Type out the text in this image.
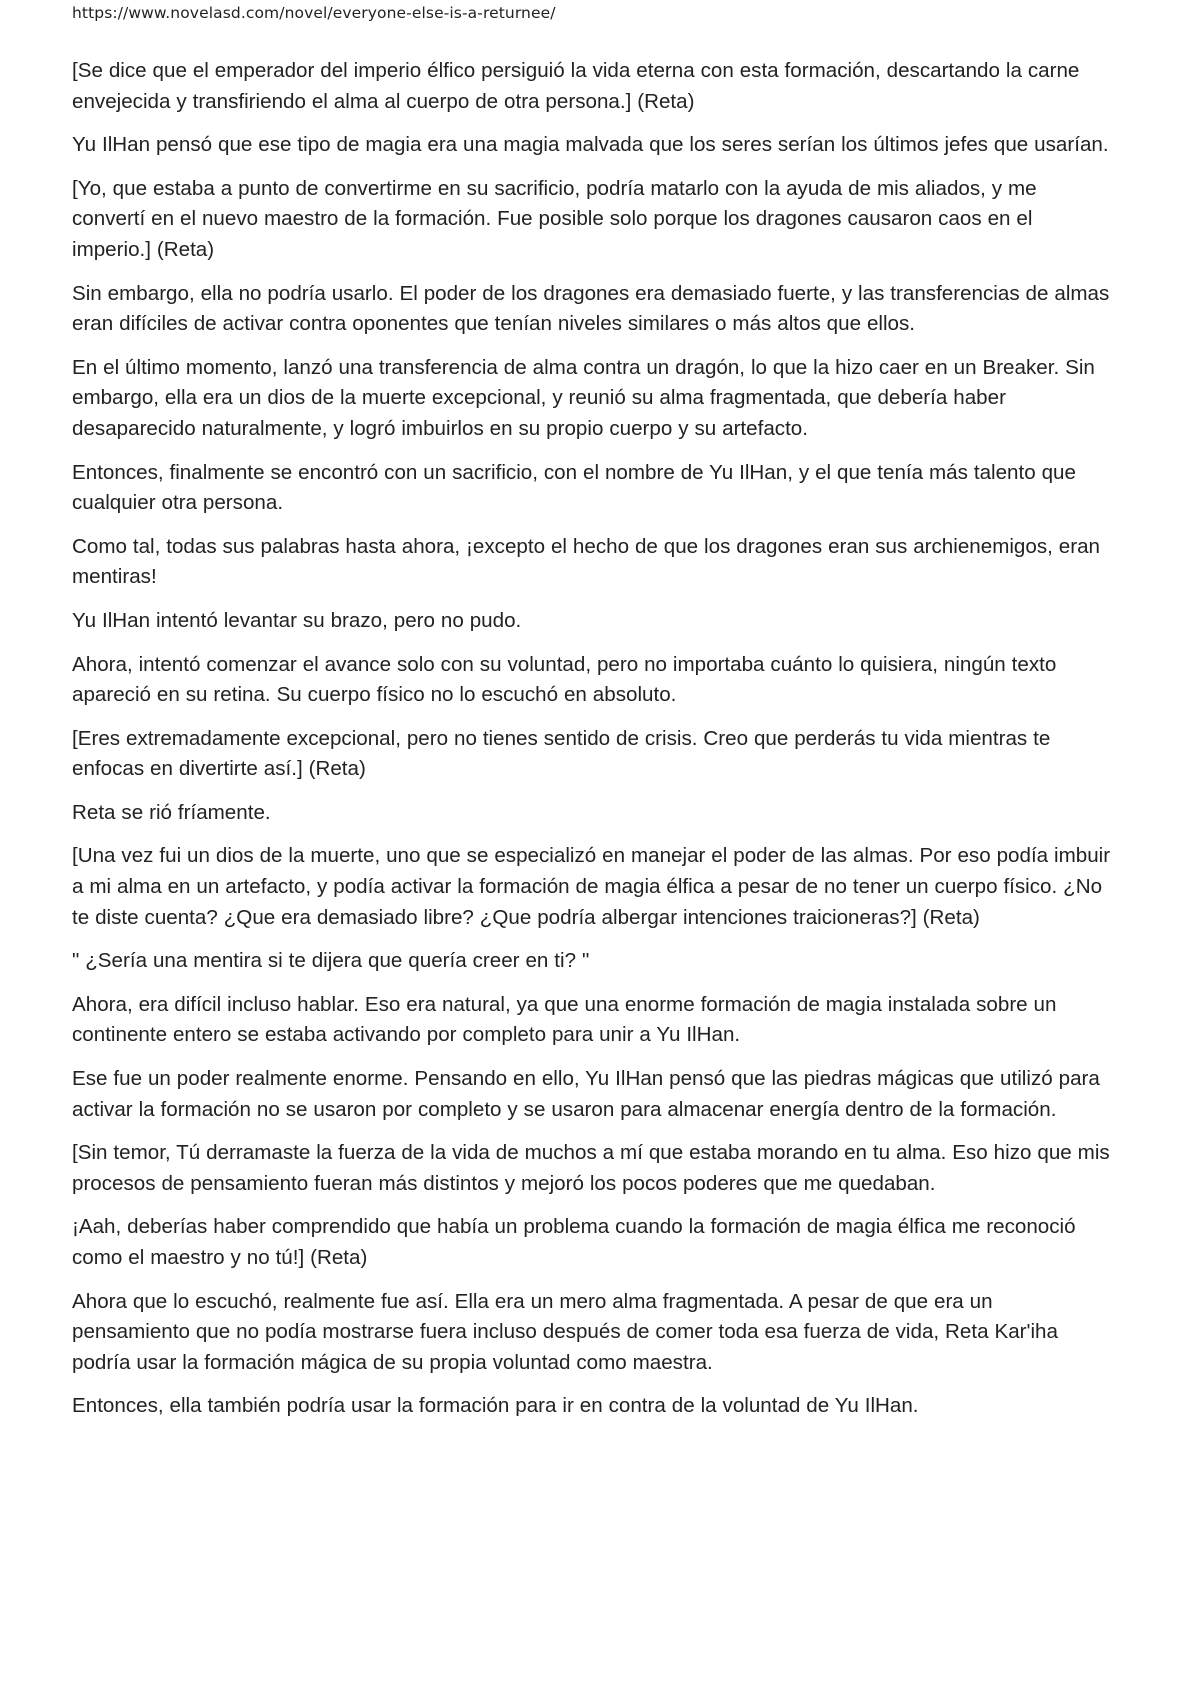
https://www.novelasd.com/novel/everyone-else-is-a-returnee/

[Se dice que el emperador del imperio élfico persiguió la vida eterna con esta formación, descartando la carne envejecida y transfiriendo el alma al cuerpo de otra persona.] (Reta)

Yu IlHan pensó que ese tipo de magia era una magia malvada que los seres serían los últimos jefes que usarían.

[Yo, que estaba a punto de convertirme en su sacrificio, podría matarlo con la ayuda de mis aliados, y me convertí en el nuevo maestro de la formación. Fue posible solo porque los dragones causaron caos en el imperio.] (Reta)

Sin embargo, ella no podría usarlo. El poder de los dragones era demasiado fuerte, y las transferencias de almas eran difíciles de activar contra oponentes que tenían niveles similares o más altos que ellos.

En el último momento, lanzó una transferencia de alma contra un dragón, lo que la hizo caer en un Breaker. Sin embargo, ella era un dios de la muerte excepcional, y reunió su alma fragmentada, que debería haber desaparecido naturalmente, y logró imbuirlos en su propio cuerpo y su artefacto.

Entonces, finalmente se encontró con un sacrificio, con el nombre de Yu IlHan, y el que tenía más talento que cualquier otra persona.

Como tal, todas sus palabras hasta ahora, ¡excepto el hecho de que los dragones eran sus archienemigos, eran mentiras!

Yu IlHan intentó levantar su brazo, pero no pudo.

Ahora, intentó comenzar el avance solo con su voluntad, pero no importaba cuánto lo quisiera, ningún texto apareció en su retina. Su cuerpo físico no lo escuchó en absoluto.

[Eres extremadamente excepcional, pero no tienes sentido de crisis. Creo que perderás tu vida mientras te enfocas en divertirte así.] (Reta)

Reta se rió fríamente.

[Una vez fui un dios de la muerte, uno que se especializó en manejar el poder de las almas. Por eso podía imbuir a mi alma en un artefacto, y podía activar la formación de magia élfica a pesar de no tener un cuerpo físico. ¿No te diste cuenta? ¿Que era demasiado libre? ¿Que podría albergar intenciones traicioneras?] (Reta)

" ¿Sería una mentira si te dijera que quería creer en ti? "

Ahora, era difícil incluso hablar. Eso era natural, ya que una enorme formación de magia instalada sobre un continente entero se estaba activando por completo para unir a Yu IlHan.

Ese fue un poder realmente enorme. Pensando en ello, Yu IlHan pensó que las piedras mágicas que utilizó para activar la formación no se usaron por completo y se usaron para almacenar energía dentro de la formación.

[Sin temor, Tú derramaste la fuerza de la vida de muchos a mí que estaba morando en tu alma. Eso hizo que mis procesos de pensamiento fueran más distintos y mejoró los pocos poderes que me quedaban.

¡Aah, deberías haber comprendido que había un problema cuando la formación de magia élfica me reconoció como el maestro y no tú!] (Reta)

Ahora que lo escuchó, realmente fue así. Ella era un mero alma fragmentada. A pesar de que era un pensamiento que no podía mostrarse fuera incluso después de comer toda esa fuerza de vida, Reta Kar'iha podría usar la formación mágica de su propia voluntad como maestra.

Entonces, ella también podría usar la formación para ir en contra de la voluntad de Yu IlHan.
